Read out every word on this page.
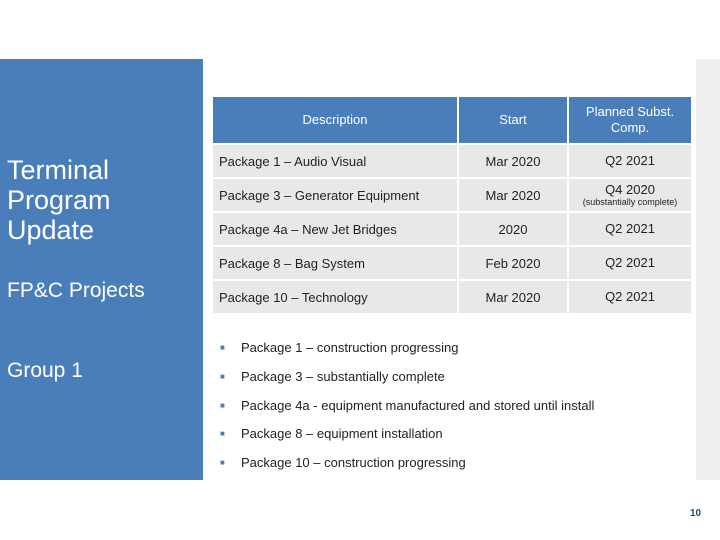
Terminal Program Update
FP&C Projects
Group 1
Description	Start	Planned Subst. Comp.
Package 1 – Audio Visual	Mar 2020	Q2 2021
Package 3 – Generator Equipment	Mar 2020	Q4 2020
(substantially complete)

Package 4a – New Jet Bridges	2020	Q2 2021
Package 8 – Bag System	Feb 2020	Q2 2021
Package 10 – Technology	Mar 2020	Q2 2021
■	Package 1 – construction progressing
■	Package 3 – substantially complete
■	Package 4a - equipment manufactured and stored until install
■	Package 8 – equipment installation
■	Package 10 – construction progressing
10
